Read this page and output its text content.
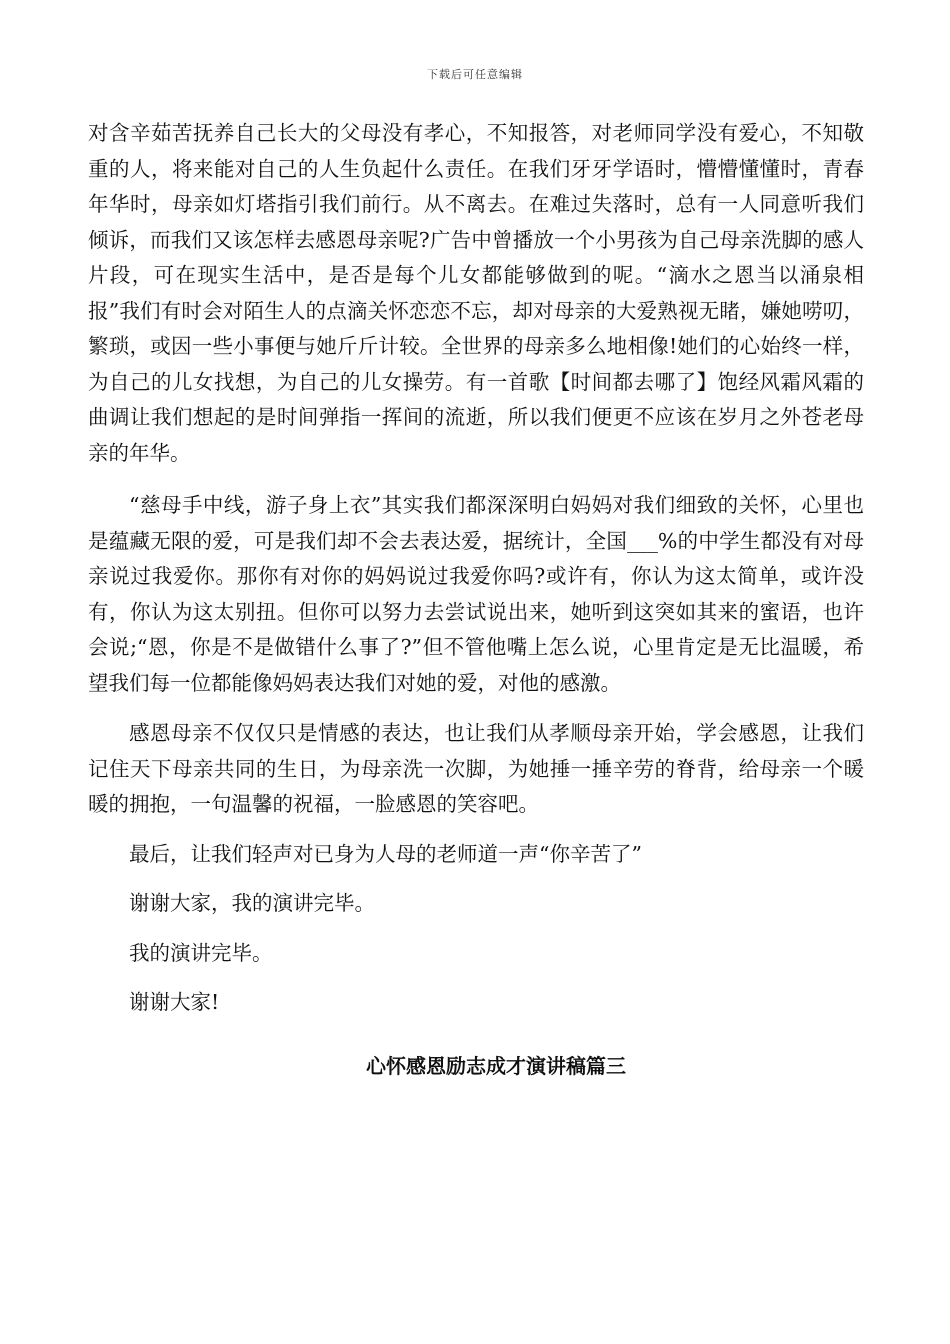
下载后可任意编辑

对含辛茹苦抚养自己长大的父母没有孝心，不知报答，对老师同学没有爱心，不知敬重的人，将来能对自己的人生负起什么责任。在我们牙牙学语时，懵懵懂懂时，青春年华时，母亲如灯塔指引我们前行。从不离去。在难过失落时，总有一人同意听我们倾诉，而我们又该怎样去感恩母亲呢?广告中曾播放一个小男孩为自己母亲洗脚的感人片段，可在现实生活中，是否是每个儿女都能够做到的呢。“滴水之恩当以涌泉相报”我们有时会对陌生人的点滴关怀恋恋不忘，却对母亲的大爱熟视无睹，嫌她唠叨，繁琐，或因一些小事便与她斤斤计较。全世界的母亲多么地相像!她们的心始终一样，为自己的儿女找想，为自己的儿女操劳。有一首歌【时间都去哪了】饱经风霜风霜的曲调让我们想起的是时间弹指一挥间的流逝，所以我们便更不应该在岁月之外苍老母亲的年华。

“慈母手中线，游子身上衣”其实我们都深深明白妈妈对我们细致的关怀，心里也是蕴藏无限的爱，可是我们却不会去表达爱，据统计，全国___%的中学生都没有对母亲说过我爱你。那你有对你的妈妈说过我爱你吗?或许有，你认为这太简单，或许没有，你认为这太别扭。但你可以努力去尝试说出来，她听到这突如其来的蜜语，也许会说;“恩，你是不是做错什么事了?”但不管他嘴上怎么说，心里肯定是无比温暖，希望我们每一位都能像妈妈表达我们对她的爱，对他的感激。

感恩母亲不仅仅只是情感的表达，也让我们从孝顺母亲开始，学会感恩，让我们记住天下母亲共同的生日，为母亲洗一次脚，为她捶一捶辛劳的脊背，给母亲一个暖暖的拥抱，一句温馨的祝福，一脸感恩的笑容吧。

最后，让我们轻声对已身为人母的老师道一声“你辛苦了”

谢谢大家，我的演讲完毕。

我的演讲完毕。

谢谢大家!

心怀感恩励志成才演讲稿篇三
